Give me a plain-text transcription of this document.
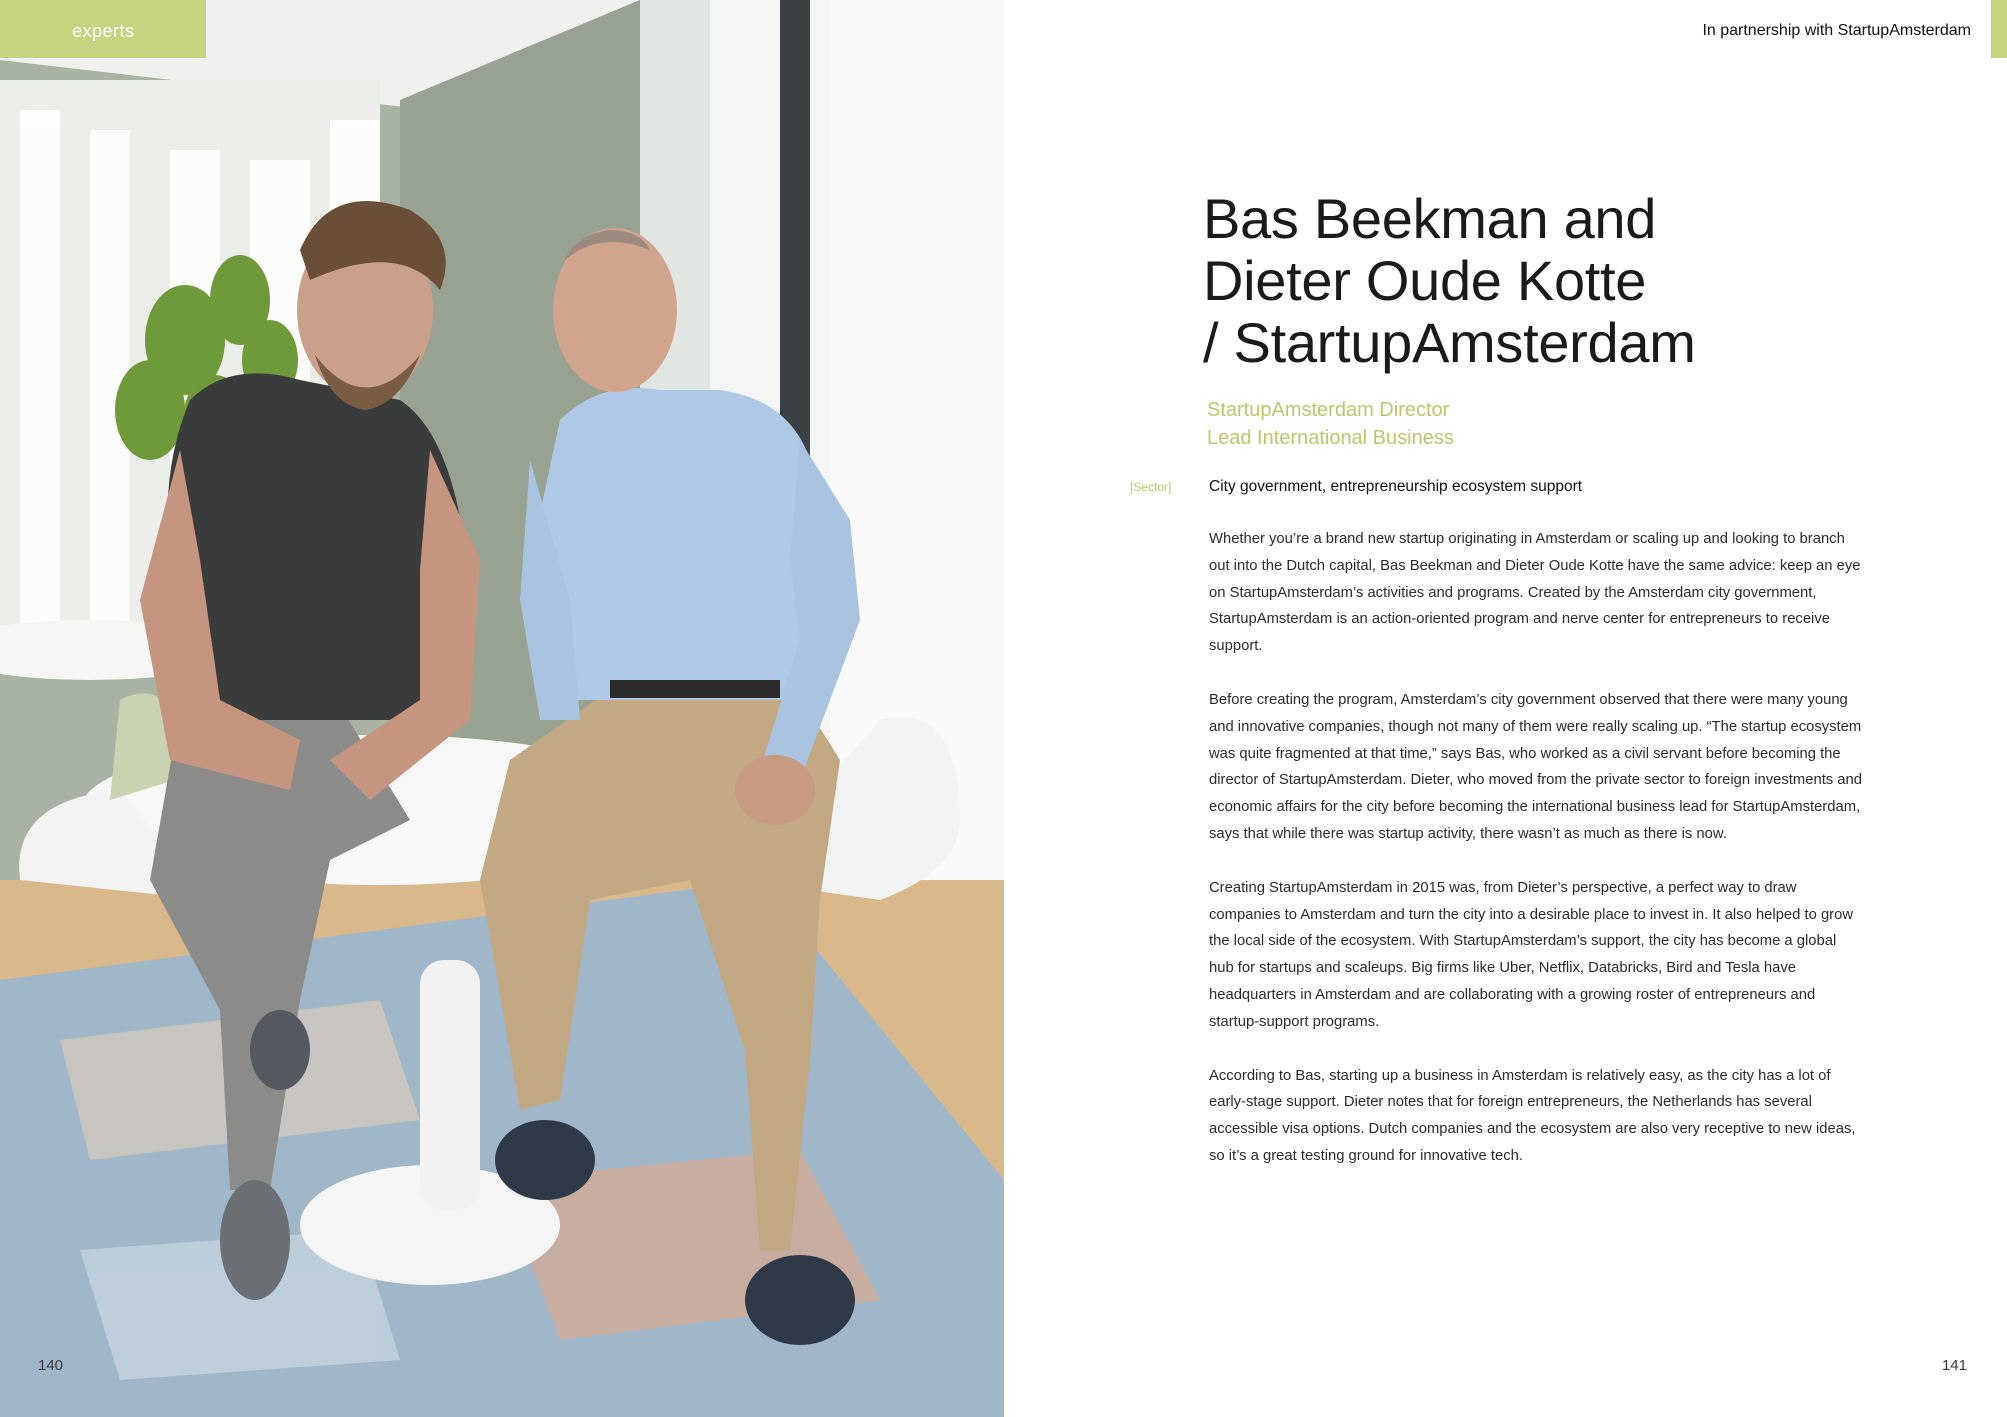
experts
140
In partnership with StartupAmsterdam
Bas Beekman and
Dieter Oude Kotte
/ StartupAmsterdam
StartupAmsterdam Director
Lead International Business
[Sector] City government, entrepreneurship ecosystem support

Whether you’re a brand new startup originating in Amsterdam or scaling up and looking to branch out into the Dutch capital, Bas Beekman and Dieter Oude Kotte have the same advice: keep an eye on StartupAmsterdam’s activities and programs. Created by the Amsterdam city government, StartupAmsterdam is an action-oriented program and nerve center for entrepreneurs to receive support.

Before creating the program, Amsterdam’s city government observed that there were many young and innovative companies, though not many of them were really scaling up. “The startup ecosystem was quite fragmented at that time,” says Bas, who worked as a civil servant before becoming the director of StartupAmsterdam. Dieter, who moved from the private sector to foreign investments and economic affairs for the city before becoming the international business lead for StartupAmsterdam, says that while there was startup activity, there wasn’t as much as there is now.

Creating StartupAmsterdam in 2015 was, from Dieter’s perspective, a perfect way to draw companies to Amsterdam and turn the city into a desirable place to invest in. It also helped to grow the local side of the ecosystem. With StartupAmsterdam’s support, the city has become a global hub for startups and scaleups. Big firms like Uber, Netflix, Databricks, Bird and Tesla have headquarters in Amsterdam and are collaborating with a growing roster of entrepreneurs and startup-support programs.

According to Bas, starting up a business in Amsterdam is relatively easy, as the city has a lot of early-stage support. Dieter notes that for foreign entrepreneurs, the Netherlands has several accessible visa options. Dutch companies and the ecosystem are also very receptive to new ideas, so it’s a great testing ground for innovative tech.

141
